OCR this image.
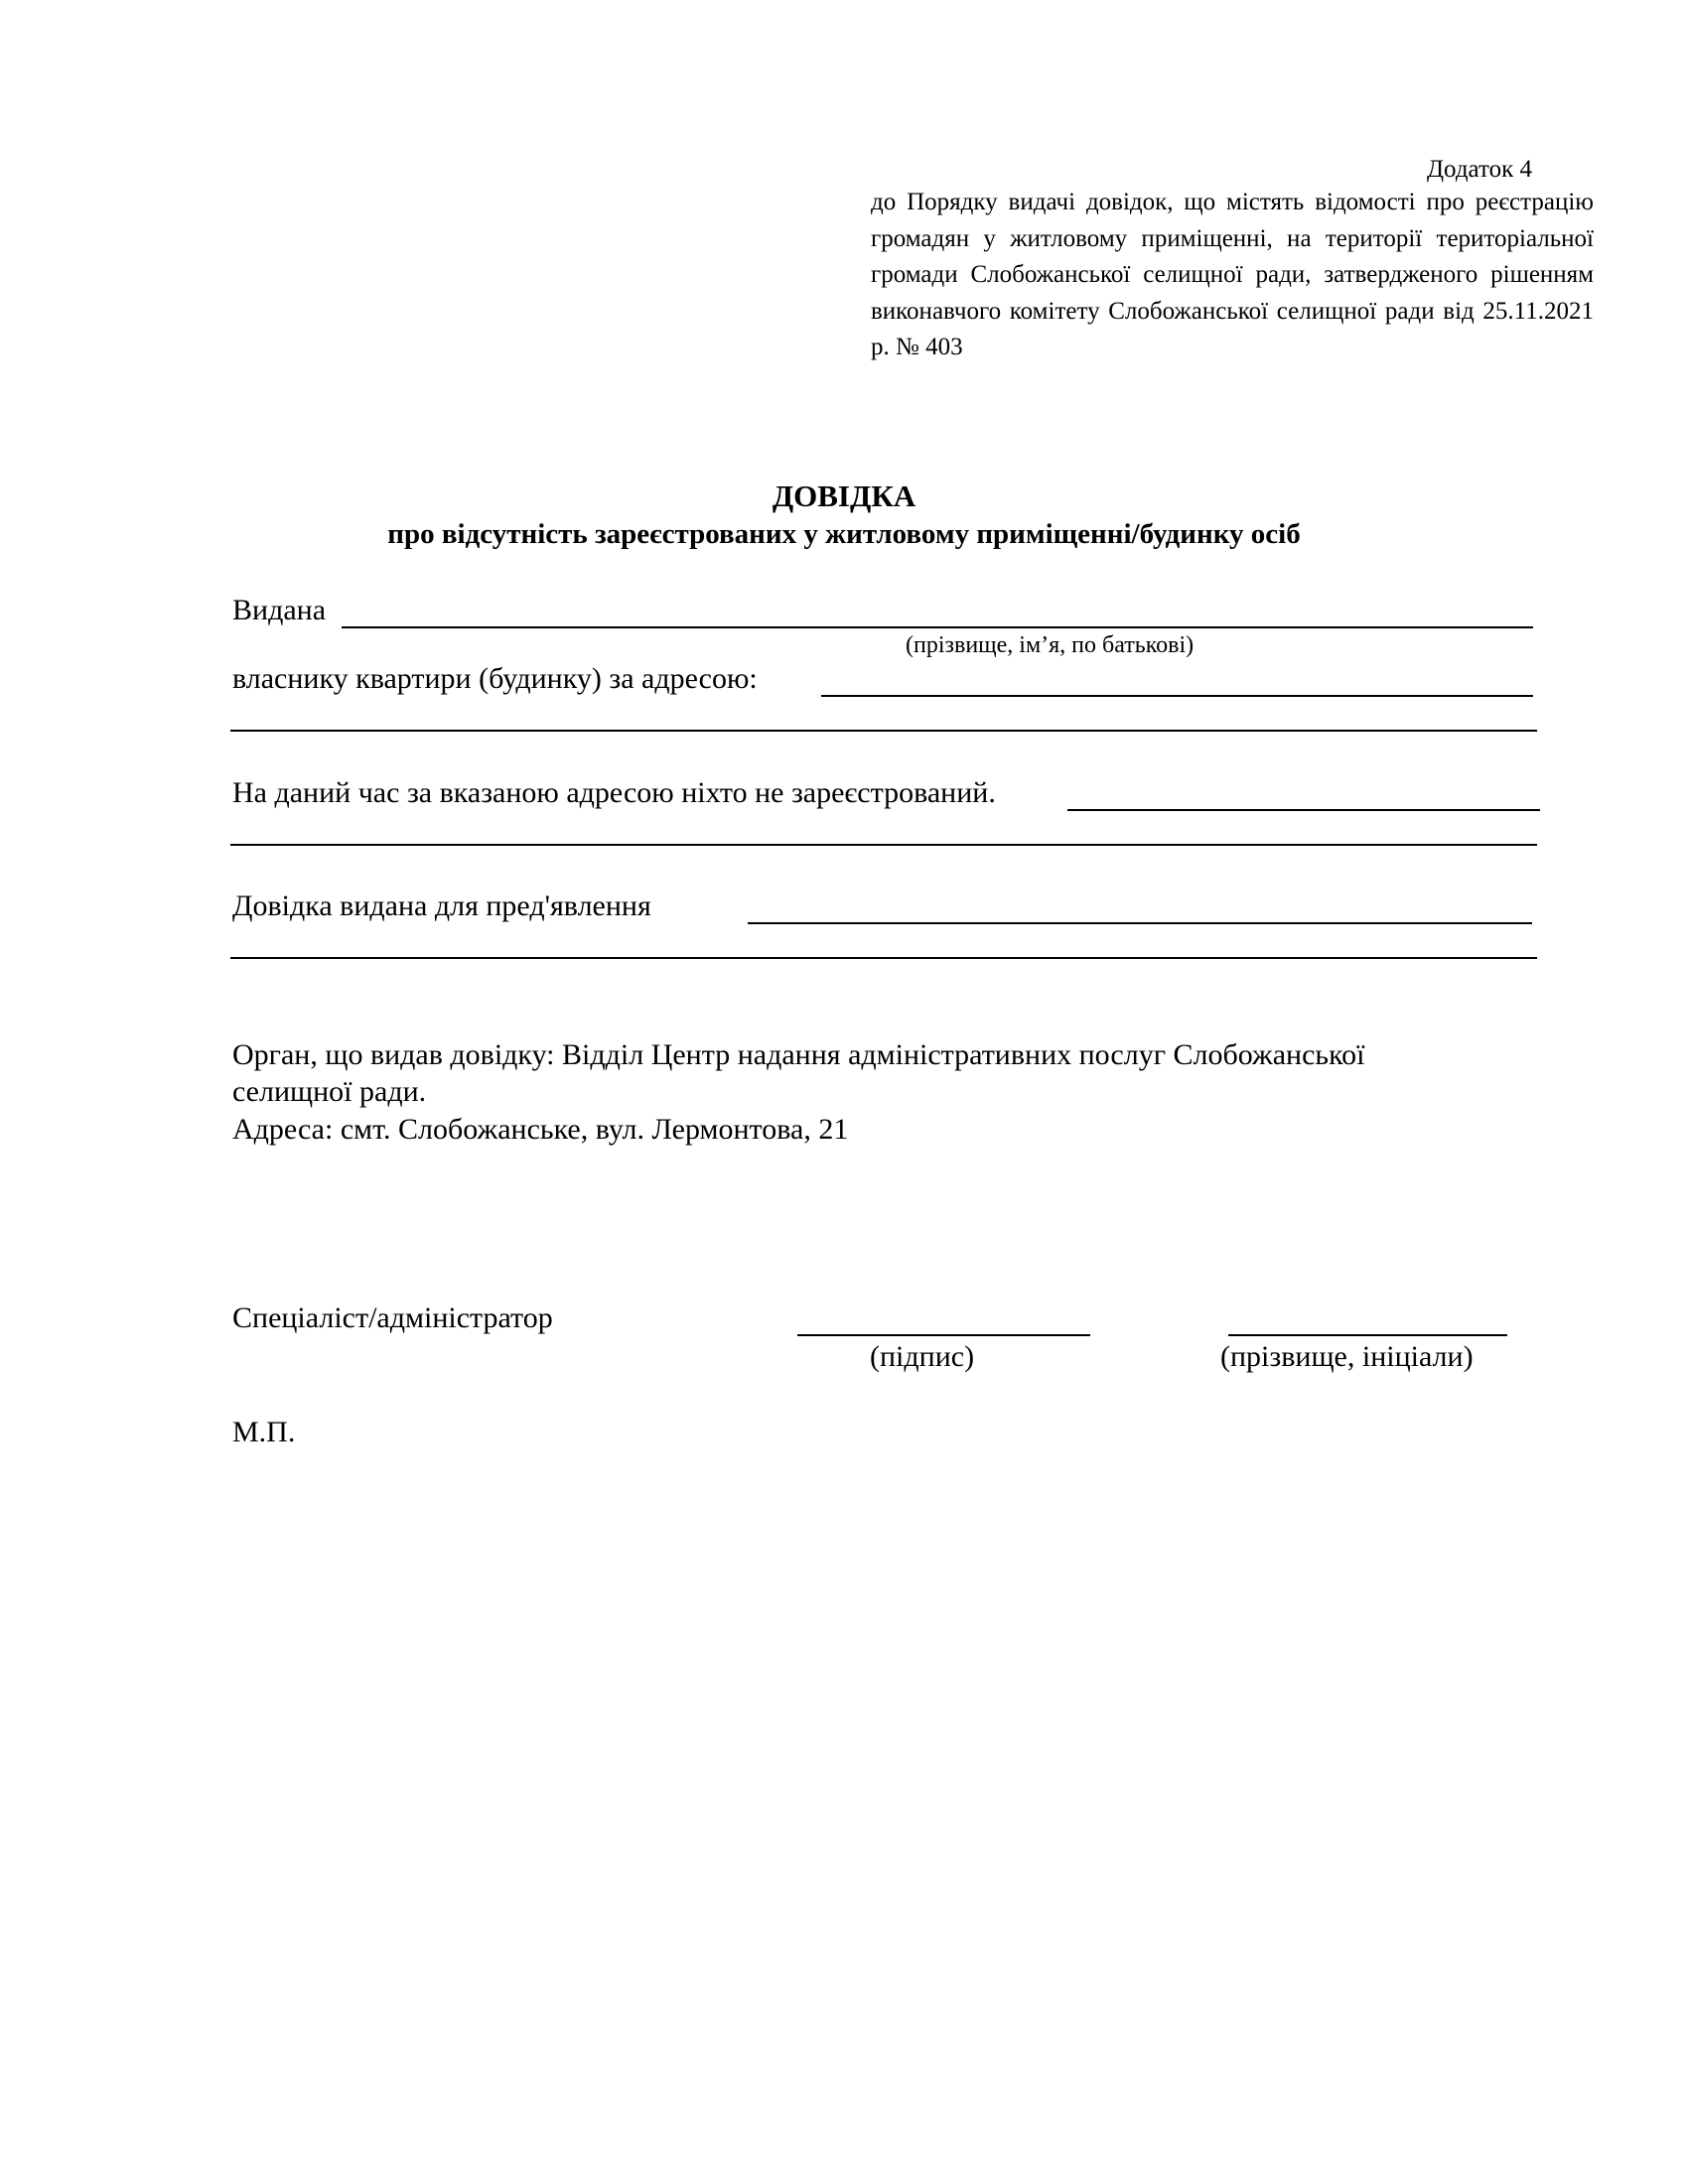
Додаток 4
до Порядку видачі довідок, що містять відомості про реєстрацію громадян у житловому приміщенні, на території територіальної громади Слобожанської селищної ради, затвердженого рішенням виконавчого комітету Слобожанської селищної ради від 25.11.2021 р. № 403
ДОВІДКА
про відсутність зареєстрованих у житловому приміщенні/будинку осіб
Видана
(прізвище, ім’я, по батькові)
власнику квартири (будинку) за адресою:
На даний час за вказаною адресою ніхто не зареєстрований.
Довідка видана для пред'явлення
Орган, що видав довідку: Відділ Центр надання адміністративних послуг Слобожанської
селищної ради.
Адреса: смт. Слобожанське, вул. Лермонтова, 21
Спеціаліст/адміністратор
(підпис)	(прізвище, ініціали)
М.П.
